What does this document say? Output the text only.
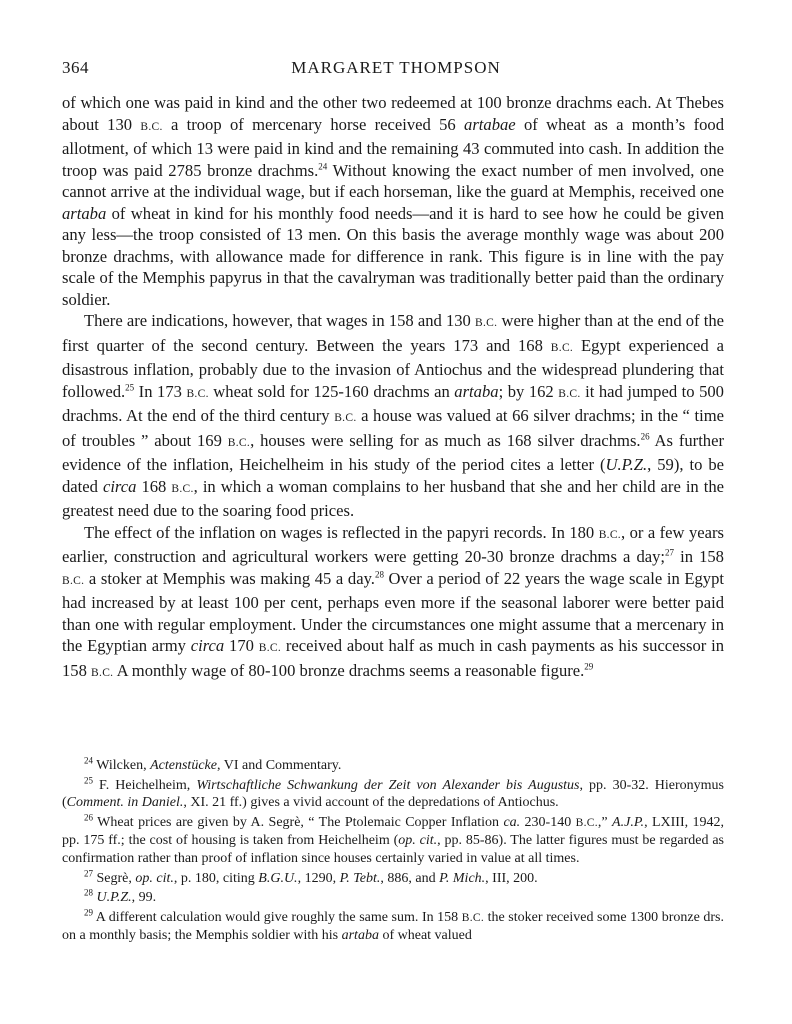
364	MARGARET THOMPSON

of which one was paid in kind and the other two redeemed at 100 bronze drachms each. At Thebes about 130 B.C. a troop of mercenary horse received 56 artabae of wheat as a month’s food allotment, of which 13 were paid in kind and the remaining 43 commuted into cash. In addition the troop was paid 2785 bronze drachms.$^{24}$ Without knowing the exact number of men involved, one cannot arrive at the individual wage, but if each horseman, like the guard at Memphis, received one artaba of wheat in kind for his monthly food needs—and it is hard to see how he could be given any less—the troop consisted of 13 men. On this basis the average monthly wage was about 200 bronze drachms, with allowance made for difference in rank. This figure is in line with the pay scale of the Memphis papyrus in that the cavalryman was traditionally better paid than the ordinary soldier.

There are indications, however, that wages in 158 and 130 B.C. were higher than at the end of the first quarter of the second century. Between the years 173 and 168 B.C. Egypt experienced a disastrous inflation, probably due to the invasion of Antiochus and the widespread plundering that followed.$^{25}$ In 173 B.C. wheat sold for 125-160 drachms an artaba; by 162 B.C. it had jumped to 500 drachms. At the end of the third century B.C. a house was valued at 66 silver drachms; in the “ time of troubles ” about 169 B.C., houses were selling for as much as 168 silver drachms.$^{26}$ As further evidence of the inflation, Heichelheim in his study of the period cites a letter (U.P.Z., 59), to be dated circa 168 B.C., in which a woman complains to her husband that she and her child are in the greatest need due to the soaring food prices.

The effect of the inflation on wages is reflected in the papyri records. In 180 B.C., or a few years earlier, construction and agricultural workers were getting 20-30 bronze drachms a day;$^{27}$ in 158 B.C. a stoker at Memphis was making 45 a day.$^{28}$ Over a period of 22 years the wage scale in Egypt had increased by at least 100 per cent, perhaps even more if the seasonal laborer were better paid than one with regular employment. Under the circumstances one might assume that a mercenary in the Egyptian army circa 170 B.C. received about half as much in cash payments as his successor in 158 B.C. A monthly wage of 80-100 bronze drachms seems a reasonable figure.$^{29}$

$^{24}$ Wilcken, Actenstücke, VI and Commentary.

$^{25}$ F. Heichelheim, Wirtschaftliche Schwankung der Zeit von Alexander bis Augustus, pp. 30-32. Hieronymus (Comment. in Daniel., XI. 21 ff.) gives a vivid account of the depredations of Antiochus.

$^{26}$ Wheat prices are given by A. Segrè, “ The Ptolemaic Copper Inflation ca. 230-140 B.C.,” A.J.P., LXIII, 1942, pp. 175 ff.; the cost of housing is taken from Heichelheim (op. cit., pp. 85-86). The latter figures must be regarded as confirmation rather than proof of inflation since houses certainly varied in value at all times.

$^{27}$ Segrè, op. cit., p. 180, citing B.G.U., 1290, P. Tebt., 886, and P. Mich., III, 200.

$^{28}$ U.P.Z., 99.

$^{29}$ A different calculation would give roughly the same sum. In 158 B.C. the stoker received some 1300 bronze drs. on a monthly basis; the Memphis soldier with his artaba of wheat valued
